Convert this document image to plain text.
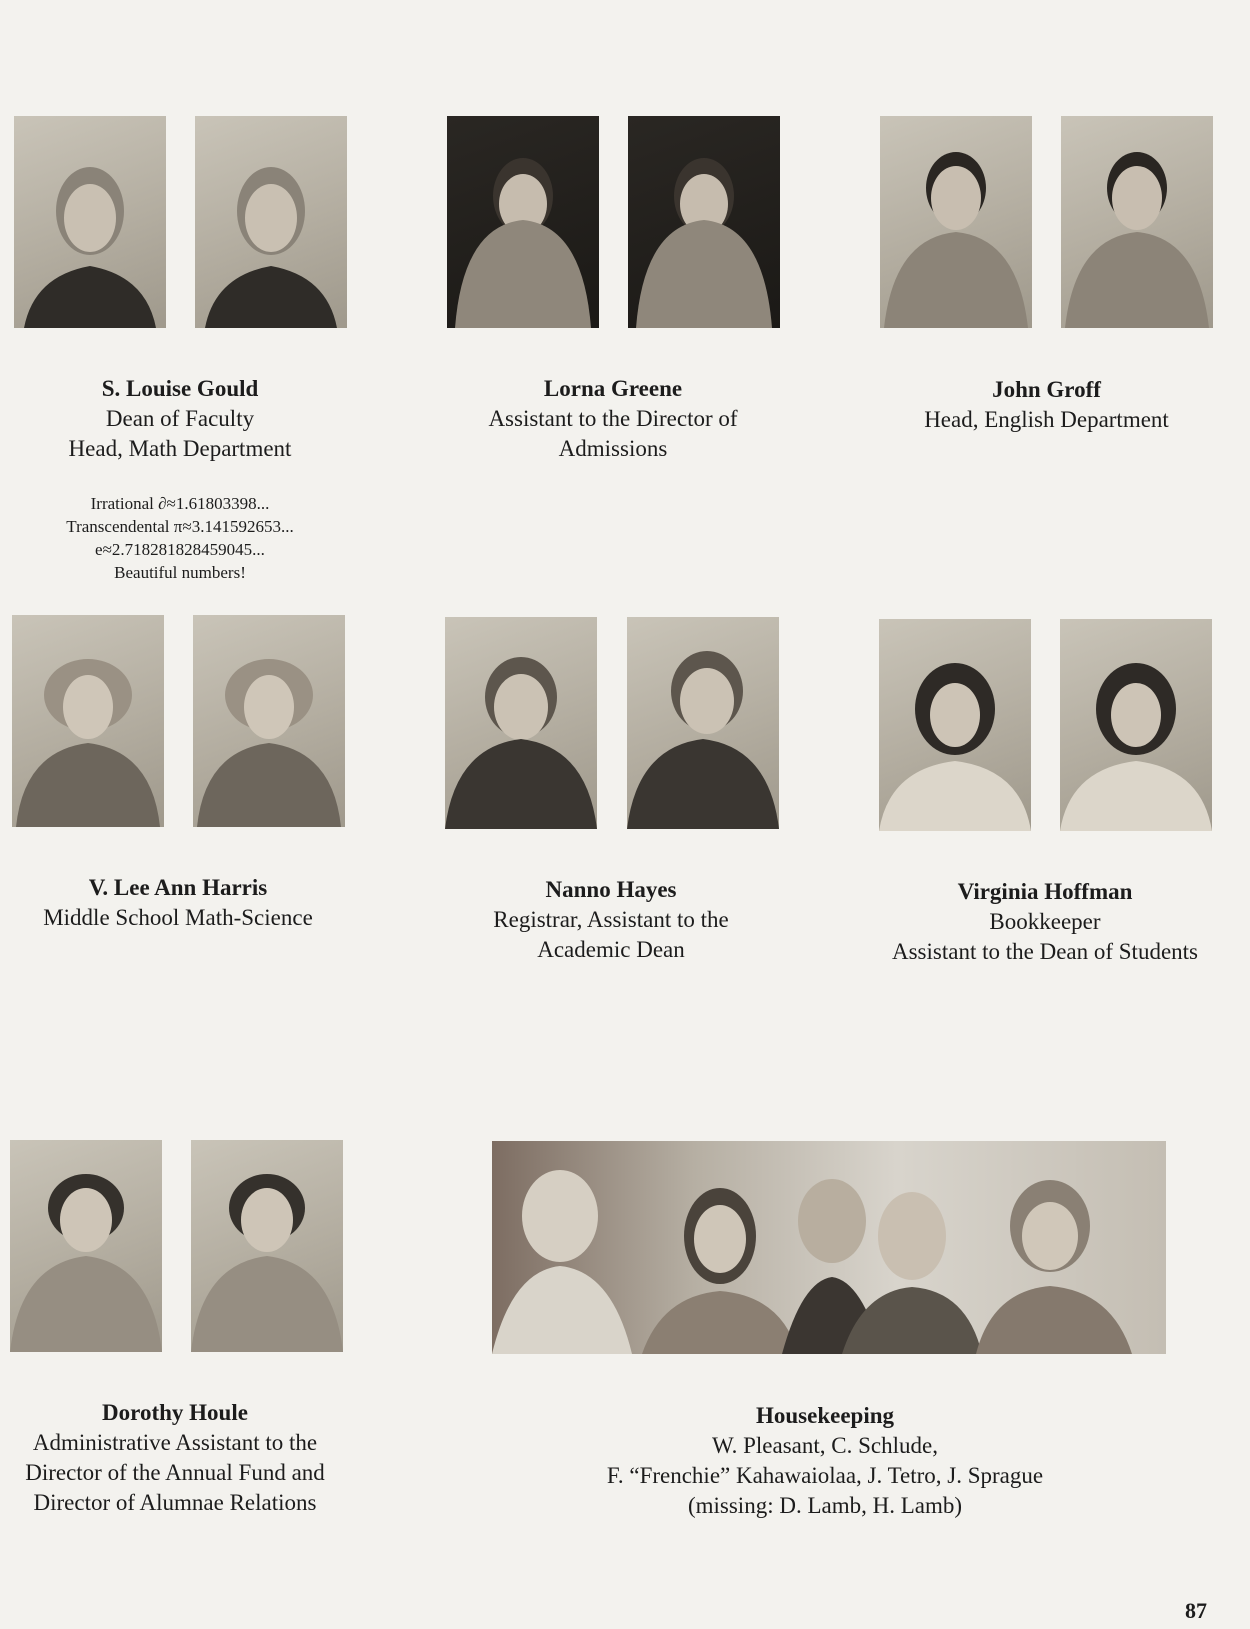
S. Louise Gould
Dean of Faculty
Head, Math Department
Irrational ∂≈1.61803398...
Transcendental π≈3.141592653...
e≈2.718281828459045...
Beautiful numbers!
Lorna Greene
Assistant to the Director of
Admissions
John Groff
Head, English Department
V. Lee Ann Harris
Middle School Math-Science
Nanno Hayes
Registrar, Assistant to the
Academic Dean
Virginia Hoffman
Bookkeeper
Assistant to the Dean of Students
Dorothy Houle
Administrative Assistant to the
Director of the Annual Fund and
Director of Alumnae Relations
Housekeeping
W. Pleasant, C. Schlude,
F. “Frenchie” Kahawaiolaa, J. Tetro, J. Sprague
(missing: D. Lamb, H. Lamb)
87
